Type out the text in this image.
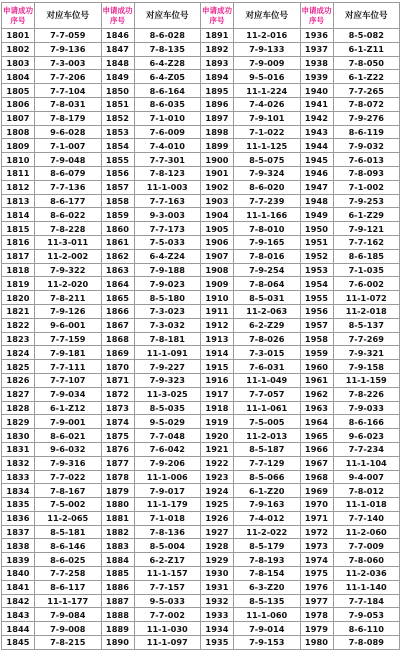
申请成功序号	对应车位号	申请成功序号	对应车位号	申请成功序号	对应车位号	申请成功序号	对应车位号
1801	7-7-059	1846	8-6-028	1891	11-2-016	1936	8-5-082
1802	7-9-136	1847	7-8-135	1892	7-9-133	1937	6-1-Z11
1803	7-3-003	1848	6-4-Z28	1893	7-9-009	1938	7-8-050
1804	7-7-206	1849	6-4-Z05	1894	9-5-016	1939	6-1-Z22
1805	7-7-104	1850	8-6-164	1895	11-1-224	1940	7-7-265
1806	7-8-031	1851	8-6-035	1896	7-4-026	1941	7-8-072
1807	7-8-179	1852	7-1-010	1897	7-9-101	1942	7-9-276
1808	9-6-028	1853	7-6-009	1898	7-1-022	1943	8-6-119
1809	7-1-007	1854	7-4-010	1899	11-1-125	1944	7-9-032
1810	7-9-048	1855	7-7-301	1900	8-5-075	1945	7-6-013
1811	8-6-079	1856	7-8-123	1901	7-9-324	1946	7-8-093
1812	7-7-136	1857	11-1-003	1902	8-6-020	1947	7-1-002
1813	8-6-177	1858	7-7-163	1903	7-7-239	1948	7-9-253
1814	8-6-022	1859	9-3-003	1904	11-1-166	1949	6-1-Z29
1815	7-8-228	1860	7-7-173	1905	7-8-010	1950	7-9-121
1816	11-3-011	1861	7-5-033	1906	7-9-165	1951	7-7-162
1817	11-2-002	1862	6-4-Z24	1907	7-8-016	1952	8-6-185
1818	7-9-322	1863	7-9-188	1908	7-9-254	1953	7-1-035
1819	11-2-020	1864	7-9-023	1909	7-8-064	1954	7-6-002
1820	7-8-211	1865	8-5-180	1910	8-5-031	1955	11-1-072
1821	7-9-126	1866	7-3-023	1911	11-2-063	1956	11-2-018
1822	9-6-001	1867	7-3-032	1912	6-2-Z29	1957	8-5-137
1823	7-7-159	1868	7-8-181	1913	7-8-026	1958	7-7-269
1824	7-9-181	1869	11-1-091	1914	7-3-015	1959	7-9-321
1825	7-7-111	1870	7-9-227	1915	7-6-031	1960	7-9-158
1826	7-7-107	1871	7-9-323	1916	11-1-049	1961	11-1-159
1827	7-9-034	1872	11-3-025	1917	7-7-057	1962	7-8-226
1828	6-1-Z12	1873	8-5-035	1918	11-1-061	1963	7-9-033
1829	7-9-001	1874	9-5-029	1919	7-5-005	1964	8-6-166
1830	8-6-021	1875	7-7-048	1920	11-2-013	1965	9-6-023
1831	9-6-032	1876	7-6-042	1921	8-5-187	1966	7-7-234
1832	7-9-316	1877	7-9-206	1922	7-7-129	1967	11-1-104
1833	7-7-022	1878	11-1-006	1923	8-5-066	1968	9-4-007
1834	7-8-167	1879	7-9-017	1924	6-1-Z20	1969	7-8-012
1835	7-5-002	1880	11-1-179	1925	7-9-163	1970	11-1-018
1836	11-2-065	1881	7-1-018	1926	7-4-012	1971	7-7-140
1837	8-5-181	1882	7-8-136	1927	11-2-022	1972	11-2-060
1838	8-6-146	1883	8-5-004	1928	8-5-179	1973	7-7-009
1839	8-6-025	1884	6-2-Z17	1929	7-8-193	1974	7-8-060
1840	7-7-258	1885	11-1-157	1930	7-8-154	1975	11-2-036
1841	8-6-117	1886	7-7-157	1931	6-3-Z20	1976	11-1-140
1842	11-1-177	1887	9-5-033	1932	8-5-135	1977	7-7-184
1843	7-9-084	1888	7-7-002	1933	11-1-060	1978	7-9-053
1844	7-9-008	1889	11-1-030	1934	7-9-014	1979	8-6-110
1845	7-8-215	1890	11-1-097	1935	7-9-153	1980	7-8-089
